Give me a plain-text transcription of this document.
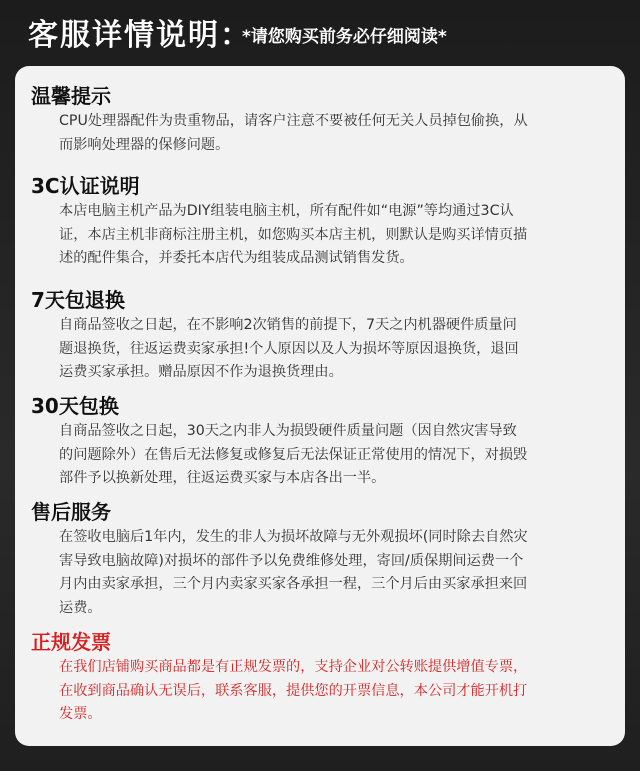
客服详情说明：
*请您购买前务必仔细阅读*
温馨提示
CPU处理器配件为贵重物品，请客户注意不要被任何无关人员掉包偷换，从
而影响处理器的保修问题。
3C认证说明
本店电脑主机产品为DIY组装电脑主机，所有配件如“电源”等均通过3C认
证，本店主机非商标注册主机，如您购买本店主机，则默认是购买详情页描
述的配件集合，并委托本店代为组装成品测试销售发货。
7天包退换
自商品签收之日起，在不影响2次销售的前提下，7天之内机器硬件质量问
题退换货，往返运费卖家承担!个人原因以及人为损坏等原因退换货，退回
运费买家承担。赠品原因不作为退换货理由。
30天包换
自商品签收之日起，30天之内非人为损毁硬件质量问题（因自然灾害导致
的问题除外）在售后无法修复或修复后无法保证正常使用的情况下，对损毁
部件予以换新处理，往返运费买家与本店各出一半。
售后服务
在签收电脑后1年内，发生的非人为损坏故障与无外观损坏(同时除去自然灾
害导致电脑故障)对损坏的部件予以免费维修处理，寄回/质保期间运费一个
月内由卖家承担，三个月内卖家买家各承担一程，三个月后由买家承担来回
运费。
正规发票
在我们店铺购买商品都是有正规发票的，支持企业对公转账提供增值专票，
在收到商品确认无误后，联系客服，提供您的开票信息，本公司才能开机打
发票。
